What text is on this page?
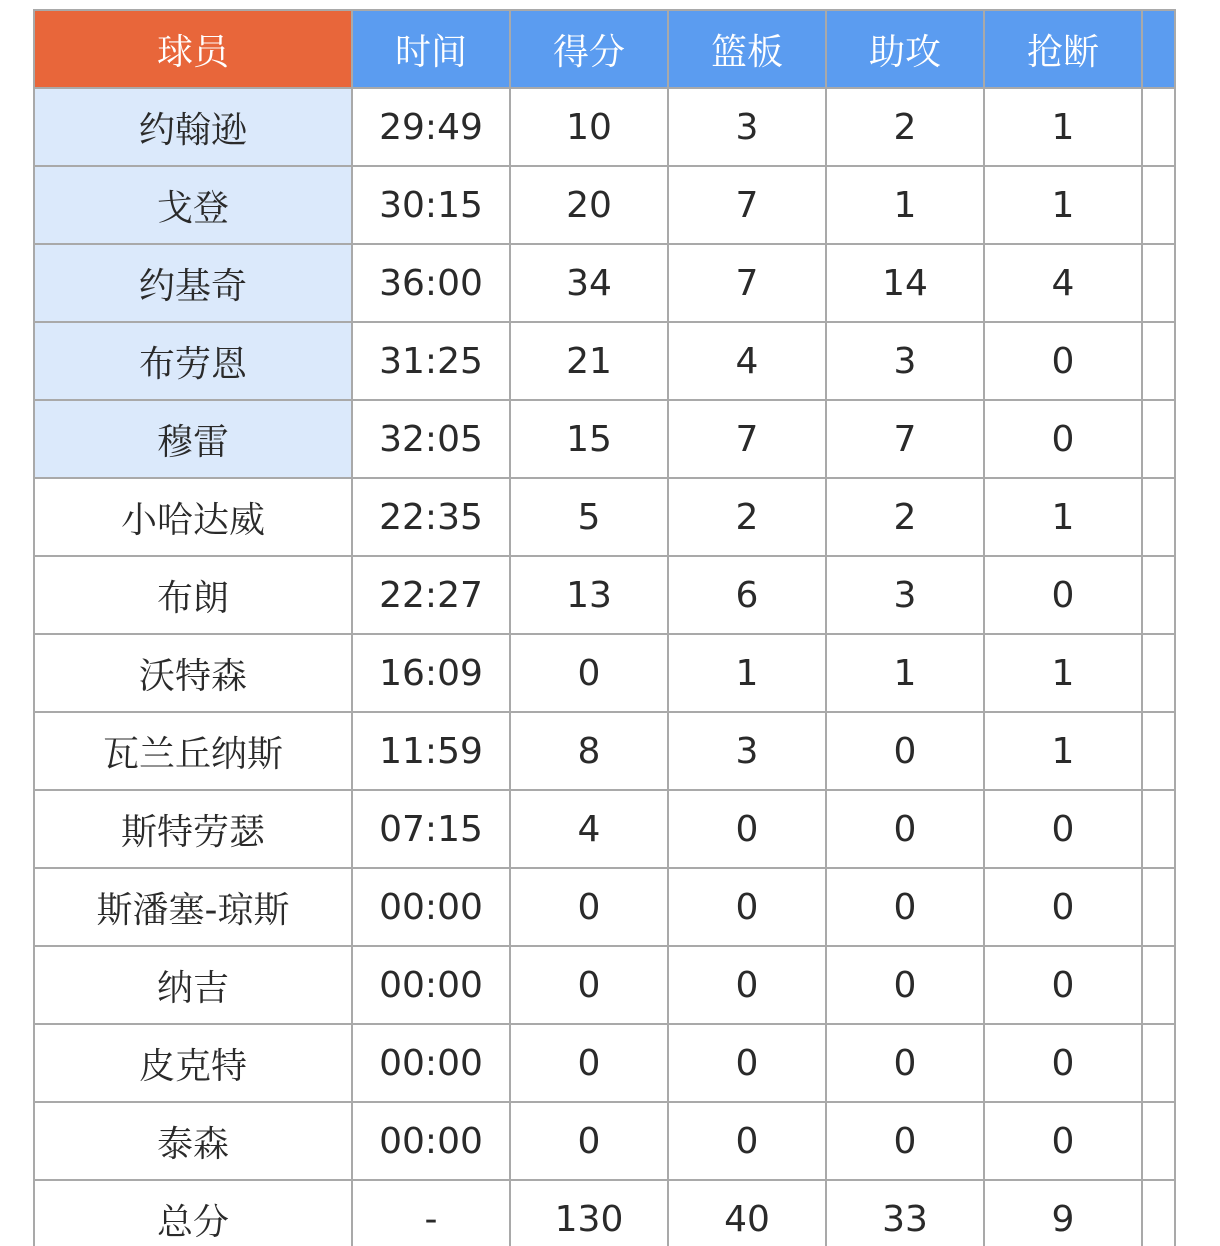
球员	时间	得分	篮板	助攻	抢断	
约翰逊	29:49	10	3	2	1	
戈登	30:15	20	7	1	1	
约基奇	36:00	34	7	14	4	
布劳恩	31:25	21	4	3	0	
穆雷	32:05	15	7	7	0	
小哈达威	22:35	5	2	2	1	
布朗	22:27	13	6	3	0	
沃特森	16:09	0	1	1	1	
瓦兰丘纳斯	11:59	8	3	0	1	
斯特劳瑟	07:15	4	0	0	0	
斯潘塞-琼斯	00:00	0	0	0	0	
纳吉	00:00	0	0	0	0	
皮克特	00:00	0	0	0	0	
泰森	00:00	0	0	0	0	
总分	-	130	40	33	9	
